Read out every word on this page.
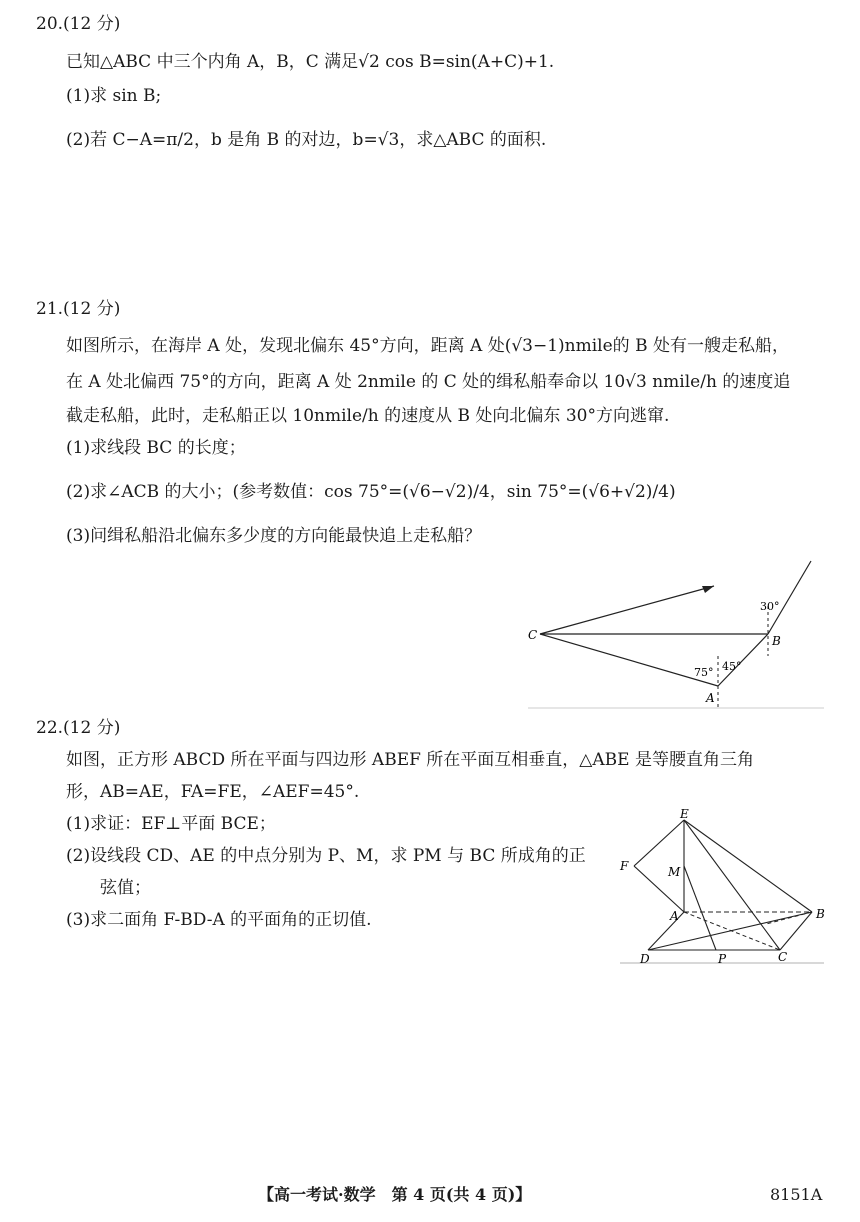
20.(12 分)
已知△ABC 中三个内角 A，B，C 满足√2 cos B=sin(A+C)+1.
(1)求 sin B;
(2)若 C−A=π/2，b 是角 B 的对边，b=√3，求△ABC 的面积.
21.(12 分)
如图所示，在海岸 A 处，发现北偏东 45°方向，距离 A 处(√3−1)nmile的 B 处有一艘走私船，
在 A 处北偏西 75°的方向，距离 A 处 2nmile 的 C 处的缉私船奉命以 10√3 nmile/h 的速度追
截走私船，此时，走私船正以 10nmile/h 的速度从 B 处向北偏东 30°方向逃窜.
(1)求线段 BC 的长度；
(2)求∠ACB 的大小；(参考数值：cos 75°=(√6−√2)/4，sin 75°=(√6+√2)/4)
(3)问缉私船沿北偏东多少度的方向能最快追上走私船？
C	B
A
30°
75° 45°
22.(12 分)
如图，正方形 ABCD 所在平面与四边形 ABEF 所在平面互相垂直，△ABE 是等腰直角三角
形，AB=AE，FA=FE，∠AEF=45°.
(1)求证：EF⊥平面 BCE；
(2)设线段 CD、AE 的中点分别为 P、M，求 PM 与 BC 所成角的正
弦值；
(3)求二面角 F-BD-A 的平面角的正切值.
E
F	M
A	B
D	P	C
【高一考试·数学　第 4 页(共 4 页)】	8151A
